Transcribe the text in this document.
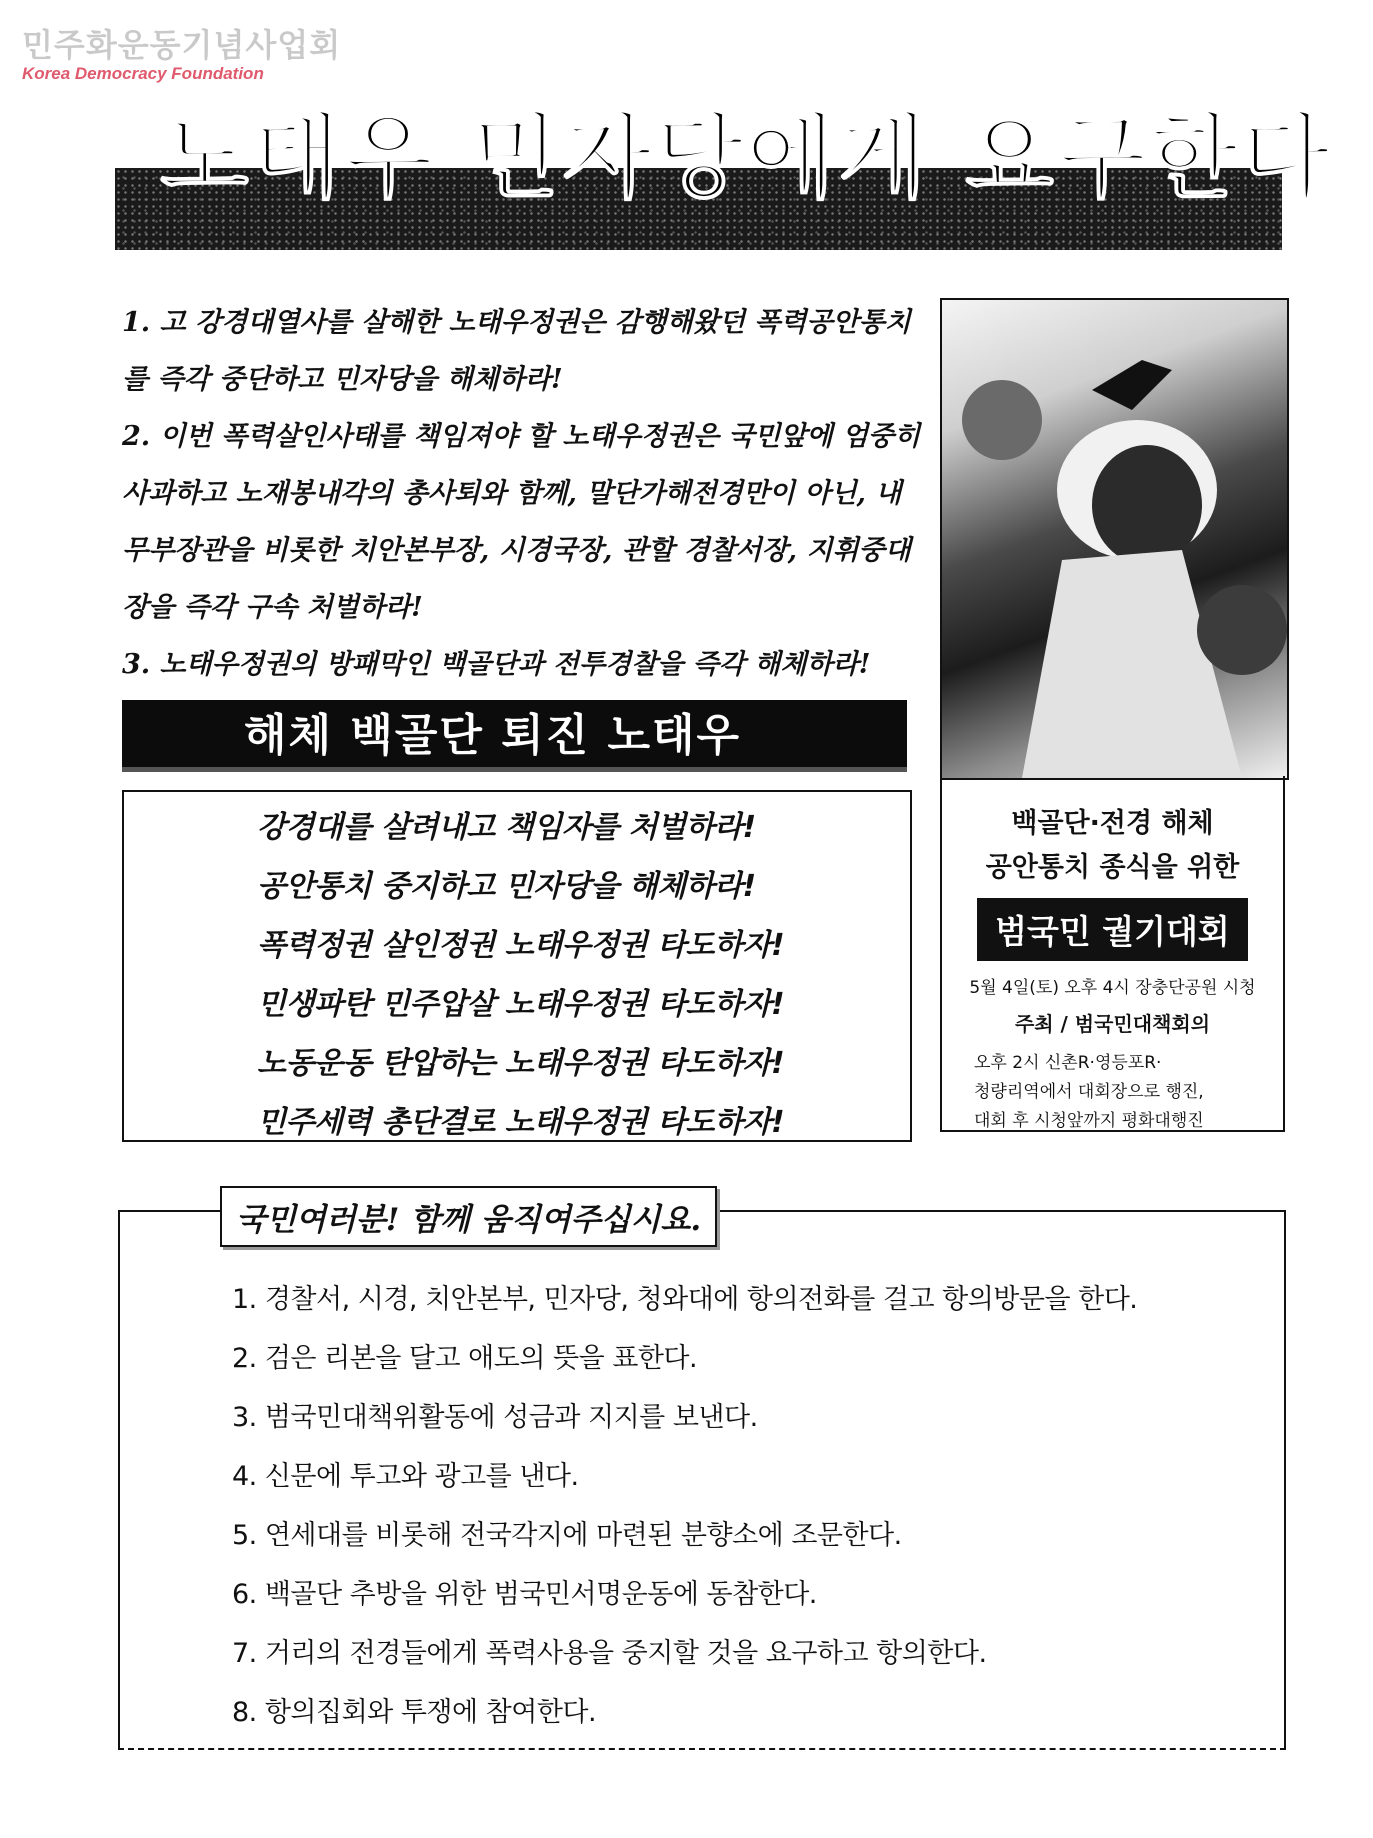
민주화운동기념사업회
Korea Democracy Foundation
노태우 민자당에게 요구한다

1. 고 강경대열사를 살해한 노태우정권은 감행해왔던 폭력공안통치를 즉각 중단하고 민자당을 해체하라!

2. 이번 폭력살인사태를 책임져야 할 노태우정권은 국민앞에 엄중히 사과하고 노재봉내각의 총사퇴와 함께, 말단가해전경만이 아닌, 내무부장관을 비롯한 치안본부장, 시경국장, 관할 경찰서장, 지휘중대장을 즉각 구속 처벌하라!

3. 노태우정권의 방패막인 백골단과 전투경찰을 즉각 해체하라!

백골단·전경 해체
공안통치 종식을 위한
범국민 궐기대회
5월 4일(토) 오후 4시 장충단공원 시청
주최 / 범국민대책회의
오후 2시 신촌R·영등포R·
청량리역에서 대회장으로 행진,
대회 후 시청앞까지 평화대행진
해체 백골단 퇴진 노태우
강경대를 살려내고 책임자를 처벌하라!
공안통치 중지하고 민자당을 해체하라!
폭력정권 살인정권 노태우정권 타도하자!
민생파탄 민주압살 노태우정권 타도하자!
노동운동 탄압하는 노태우정권 타도하자!
민주세력 총단결로 노태우정권 타도하자!
국민여러분! 함께 움직여주십시요.
1. 경찰서, 시경, 치안본부, 민자당, 청와대에 항의전화를 걸고 항의방문을 한다.
2. 검은 리본을 달고 애도의 뜻을 표한다.
3. 범국민대책위활동에 성금과 지지를 보낸다.
4. 신문에 투고와 광고를 낸다.
5. 연세대를 비롯해 전국각지에 마련된 분향소에 조문한다.
6. 백골단 추방을 위한 범국민서명운동에 동참한다.
7. 거리의 전경들에게 폭력사용을 중지할 것을 요구하고 항의한다.
8. 항의집회와 투쟁에 참여한다.
